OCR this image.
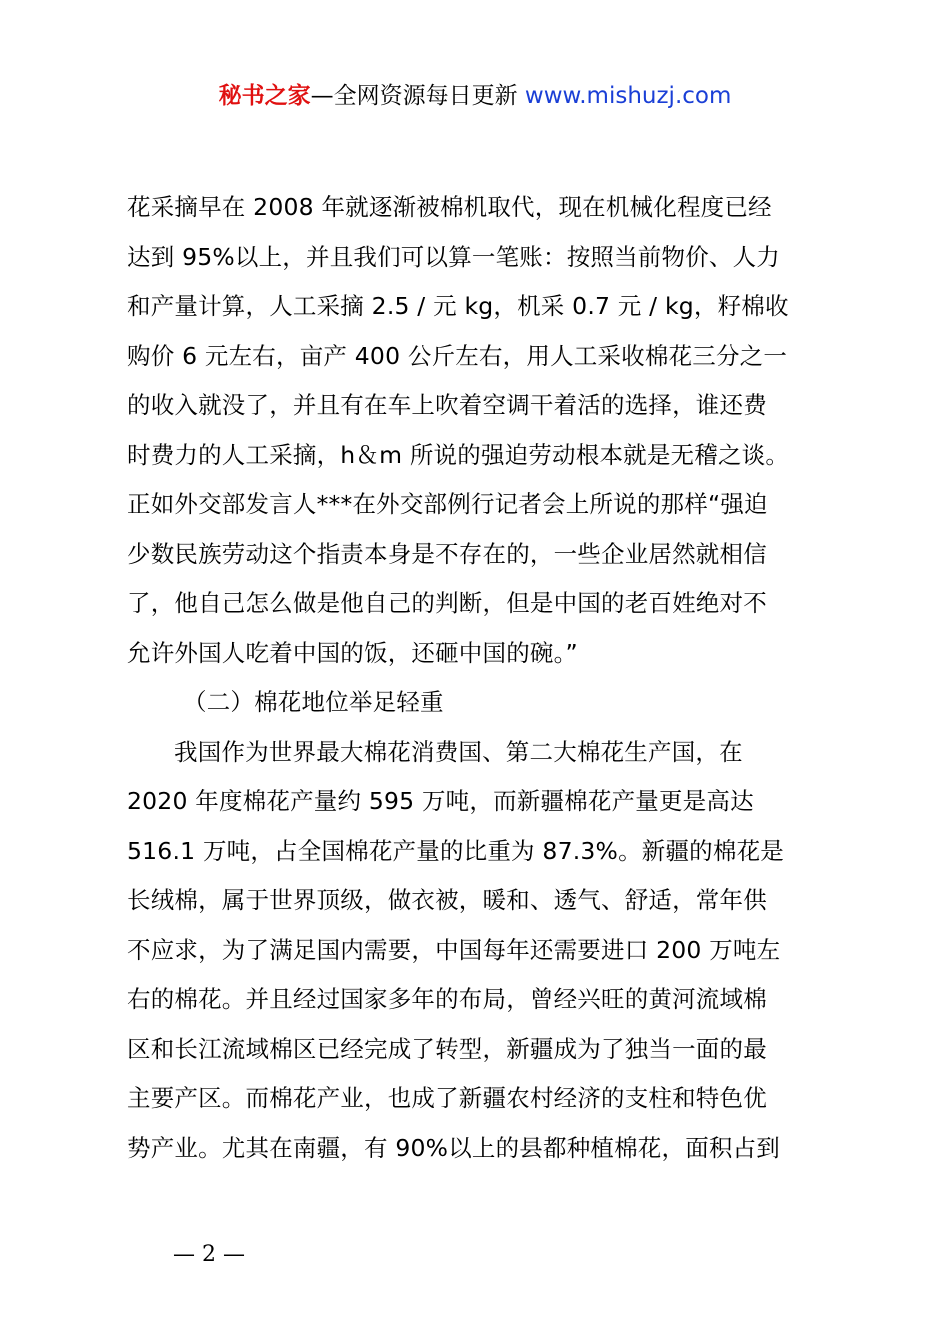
秘书之家—全网资源每日更新 www.mishuzj.com
花采摘早在 2008 年就逐渐被棉机取代，现在机械化程度已经
达到 95%以上，并且我们可以算一笔账：按照当前物价、人力
和产量计算，人工采摘 2.5 / 元 kg，机采 0.7 元 / kg，籽棉收
购价 6 元左右，亩产 400 公斤左右，用人工采收棉花三分之一
的收入就没了，并且有在车上吹着空调干着活的选择，谁还费
时费力的人工采摘，h＆m 所说的强迫劳动根本就是无稽之谈。
正如外交部发言人***在外交部例行记者会上所说的那样“强迫
少数民族劳动这个指责本身是不存在的，一些企业居然就相信
了，他自己怎么做是他自己的判断，但是中国的老百姓绝对不
允许外国人吃着中国的饭，还砸中国的碗。”
（二）棉花地位举足轻重
我国作为世界最大棉花消费国、第二大棉花生产国，在
2020 年度棉花产量约 595 万吨，而新疆棉花产量更是高达
516.1 万吨，占全国棉花产量的比重为 87.3%。新疆的棉花是
长绒棉，属于世界顶级，做衣被，暖和、透气、舒适，常年供
不应求，为了满足国内需要，中国每年还需要进口 200 万吨左
右的棉花。并且经过国家多年的布局，曾经兴旺的黄河流域棉
区和长江流域棉区已经完成了转型，新疆成为了独当一面的最
主要产区。而棉花产业，也成了新疆农村经济的支柱和特色优
势产业。尤其在南疆，有 90%以上的县都种植棉花，面积占到
— 2 —
